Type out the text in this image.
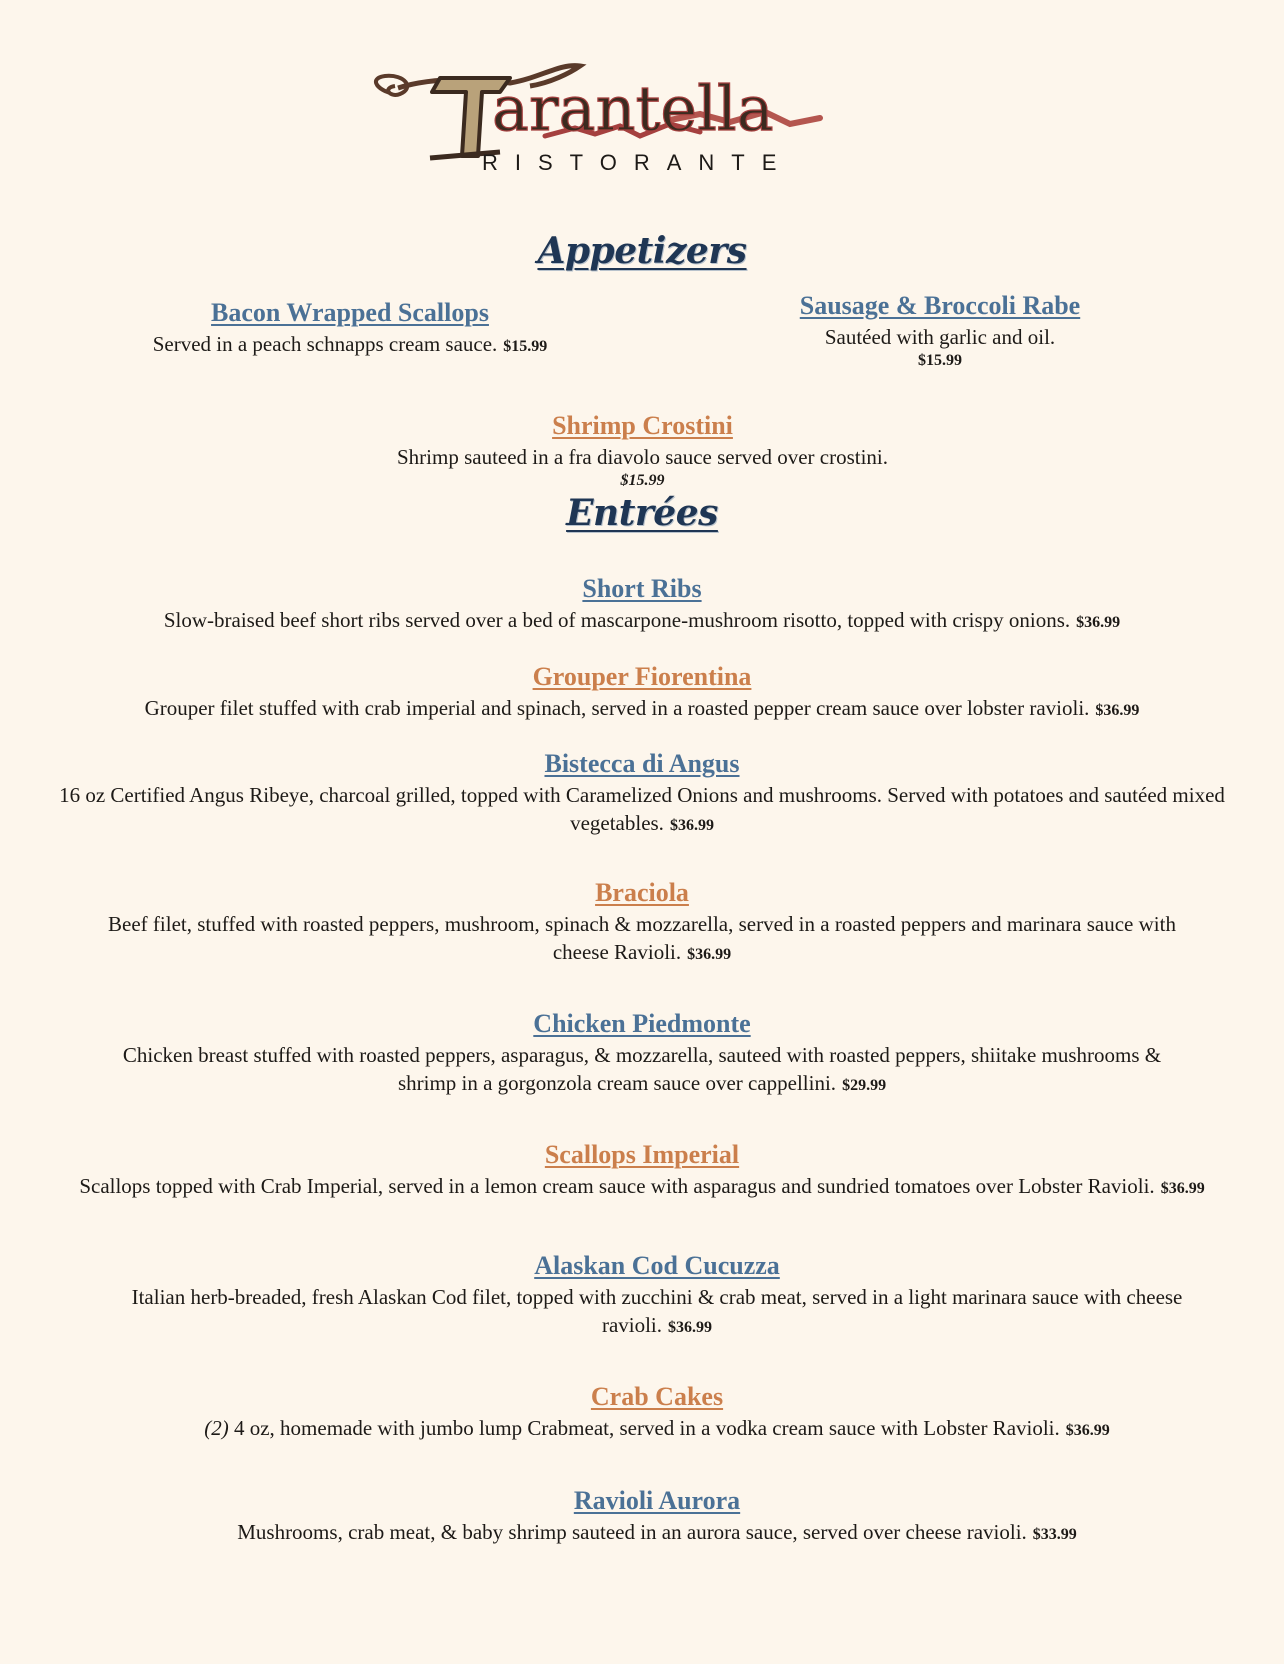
arantella
RISTORANTE
Appetizers
Bacon Wrapped Scallops
Served in a peach schnapps cream sauce. $15.99
Sausage & Broccoli Rabe
Sautéed with garlic and oil.
$15.99
Shrimp Crostini
Shrimp sauteed in a fra diavolo sauce served over crostini.
$15.99
Entrées
Short Ribs
Slow-braised beef short ribs served over a bed of mascarpone-mushroom risotto, topped with crispy onions. $36.99
Grouper Fiorentina
Grouper filet stuffed with crab imperial and spinach, served in a roasted pepper cream sauce over lobster ravioli. $36.99
Bistecca di Angus
16 oz Certified Angus Ribeye, charcoal grilled, topped with Caramelized Onions and mushrooms. Served with potatoes and sautéed mixed vegetables. $36.99
Braciola
Beef filet, stuffed with roasted peppers, mushroom, spinach & mozzarella, served in a roasted peppers and marinara sauce with cheese Ravioli. $36.99
Chicken Piedmonte
Chicken breast stuffed with roasted peppers, asparagus, & mozzarella, sauteed with roasted peppers, shiitake mushrooms & shrimp in a gorgonzola cream sauce over cappellini. $29.99
Scallops Imperial
Scallops topped with Crab Imperial, served in a lemon cream sauce with asparagus and sundried tomatoes over Lobster Ravioli. $36.99
Alaskan Cod Cucuzza
Italian herb-breaded, fresh Alaskan Cod filet, topped with zucchini & crab meat, served in a light marinara sauce with cheese ravioli. $36.99
Crab Cakes
(2) 4 oz, homemade with jumbo lump Crabmeat, served in a vodka cream sauce with Lobster Ravioli. $36.99
Ravioli Aurora
Mushrooms, crab meat, & baby shrimp sauteed in an aurora sauce, served over cheese ravioli. $33.99
